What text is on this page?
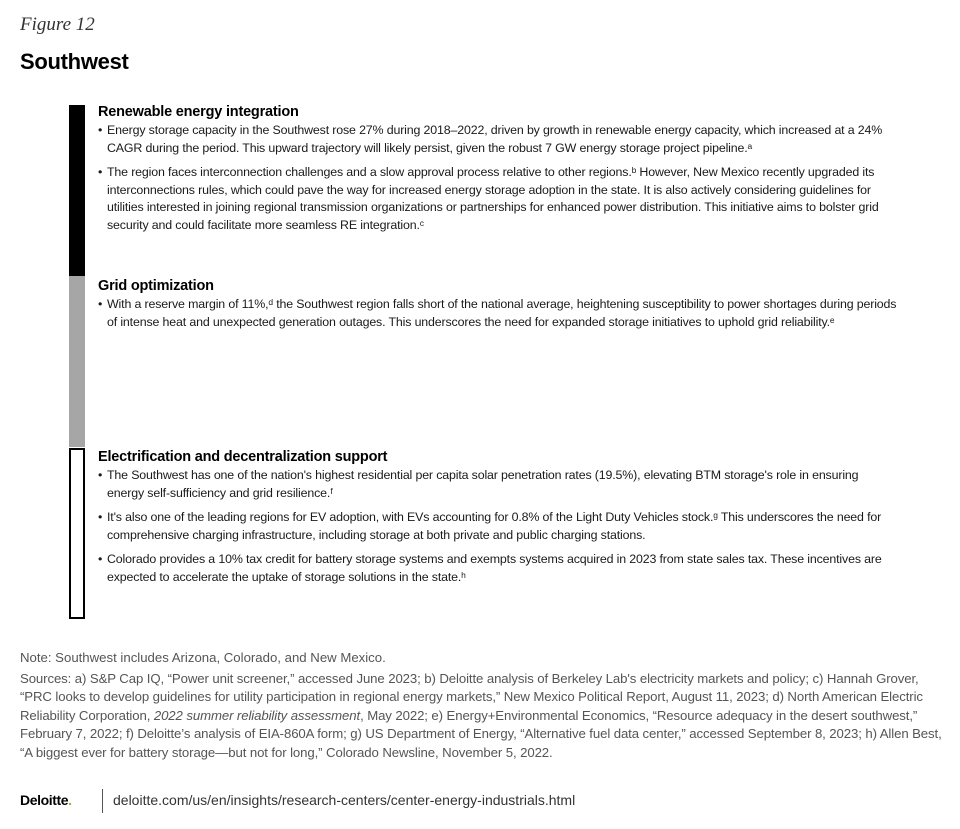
Figure 12
Southwest
Renewable energy integration

• Energy storage capacity in the Southwest rose 27% during 2018–2022, driven by growth in renewable energy capacity, which increased at a 24% CAGR during the period. This upward trajectory will likely persist, given the robust 7 GW energy storage project pipeline.ᵃ

• The region faces interconnection challenges and a slow approval process relative to other regions.ᵇ However, New Mexico recently upgraded its interconnections rules, which could pave the way for increased energy storage adoption in the state. It is also actively considering guidelines for utilities interested in joining regional transmission organizations or partnerships for enhanced power distribution. This initiative aims to bolster grid security and could facilitate more seamless RE integration.ᶜ

Grid optimization

• With a reserve margin of 11%,ᵈ the Southwest region falls short of the national average, heightening susceptibility to power shortages during periods of intense heat and unexpected generation outages. This underscores the need for expanded storage initiatives to uphold grid reliability.ᵉ

Electrification and decentralization support

• The Southwest has one of the nation's highest residential per capita solar penetration rates (19.5%), elevating BTM storage's role in ensuring energy self-sufficiency and grid resilience.ᶠ

• It's also one of the leading regions for EV adoption, with EVs accounting for 0.8% of the Light Duty Vehicles stock.ᵍ This underscores the need for comprehensive charging infrastructure, including storage at both private and public charging stations.

• Colorado provides a 10% tax credit for battery storage systems and exempts systems acquired in 2023 from state sales tax. These incentives are expected to accelerate the uptake of storage solutions in the state.ʰ

Note: Southwest includes Arizona, Colorado, and New Mexico.
Sources: a) S&P Cap IQ, “Power unit screener,” accessed June 2023; b) Deloitte analysis of Berkeley Lab's electricity markets and policy; c) Hannah Grover, “PRC looks to develop guidelines for utility participation in regional energy markets,” New Mexico Political Report, August 11, 2023; d) North American Electric Reliability Corporation, 2022 summer reliability assessment, May 2022; e) Energy+Environmental Economics, “Resource adequacy in the desert southwest,” February 7, 2022; f) Deloitte’s analysis of EIA-860A form; g) US Department of Energy, “Alternative fuel data center,” accessed September 8, 2023; h) Allen Best, “A biggest ever for battery storage—but not for long,” Colorado Newsline, November 5, 2022.
Deloitte.	deloitte.com/us/en/insights/research-centers/center-energy-industrials.html
